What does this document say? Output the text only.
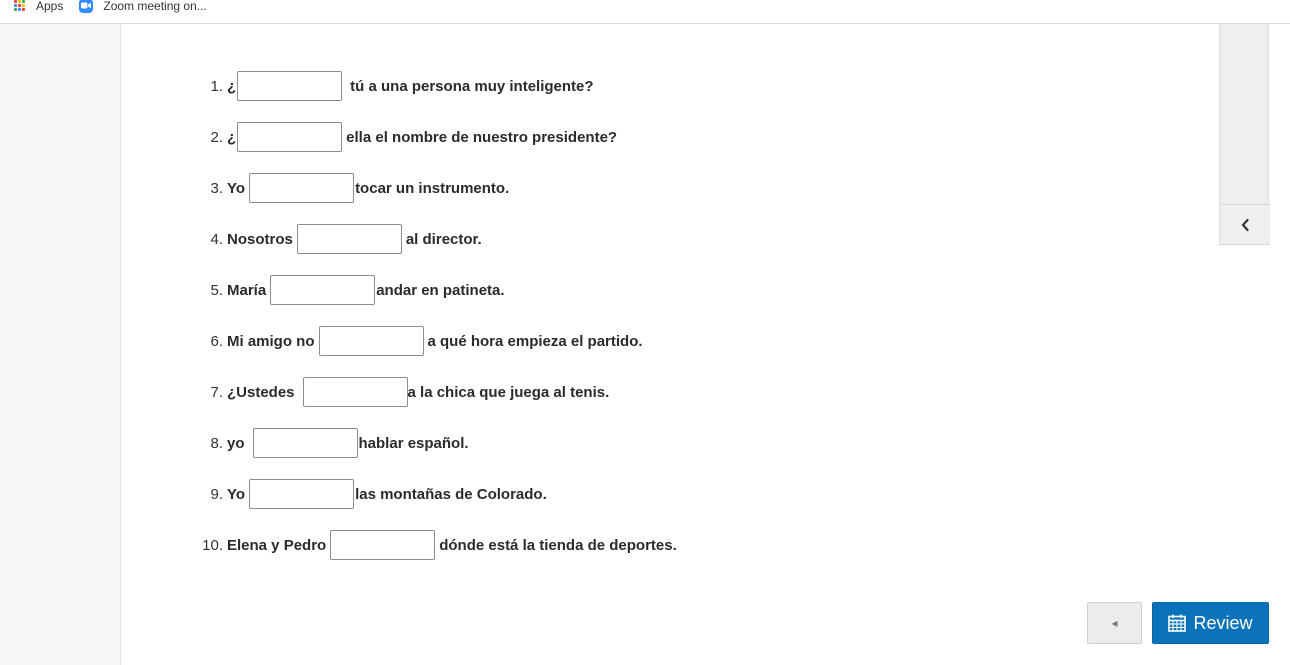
Apps	Zoom meeting on...
1. ¿	tú a una persona muy inteligente?
2. ¿	ella el nombre de nuestro presidente?
3. Yo	tocar un instrumento.
4. Nosotros	al director.
5. María	andar en patineta.
6. Mi amigo no	a qué hora empieza el partido.
7. ¿Ustedes	a la chica que juega al tenis.
8. yo	hablar español.
9. Yo	las montañas de Colorado.
10. Elena y Pedro	dónde está la tienda de deportes.
◂	Review
